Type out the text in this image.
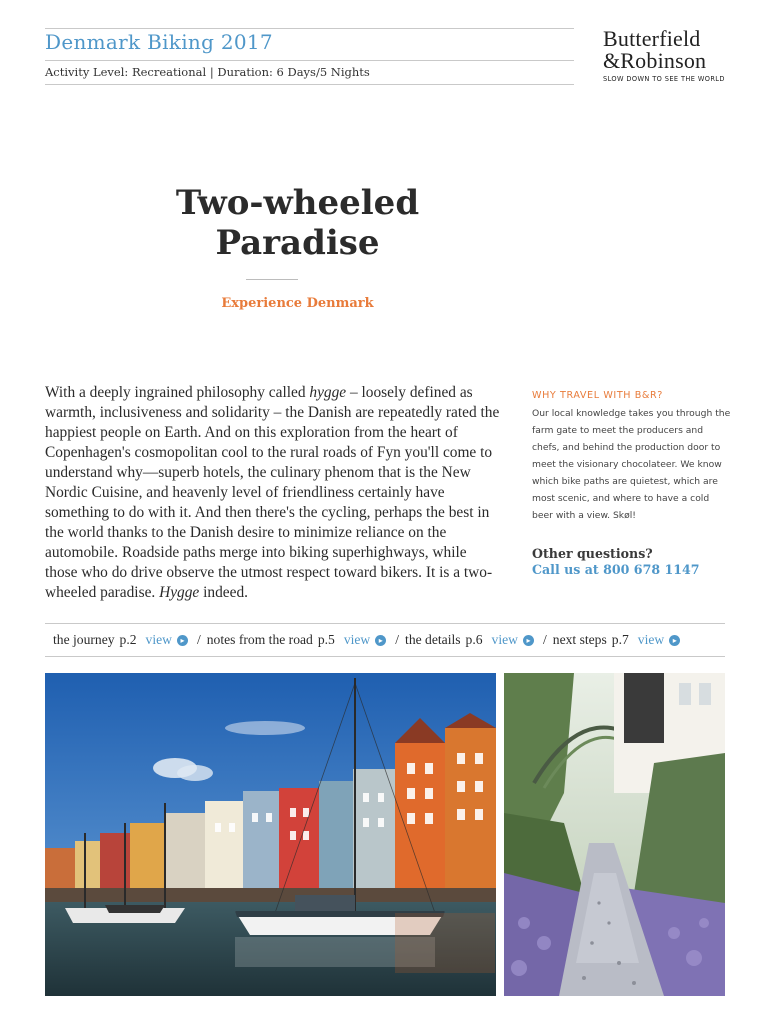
Denmark Biking 2017
Activity Level: Recreational | Duration: 6 Days/5 Nights
Butterfield
&Robinson
SLOW DOWN TO SEE THE WORLD
Two-wheeled
Paradise
Experience Denmark
With a deeply ingrained philosophy called hygge – loosely defined as warmth, inclusiveness and solidarity – the Danish are repeatedly rated the happiest people on Earth. And on this exploration from the heart of Copenhagen's cosmopolitan cool to the rural roads of Fyn you'll come to understand why—superb hotels, the culinary phenom that is the New Nordic Cuisine, and heavenly level of friendliness certainly have something to do with it. And then there's the cycling, perhaps the best in the world thanks to the Danish desire to minimize reliance on the automobile. Roadside paths merge into biking superhighways, while those who do drive observe the utmost respect toward bikers. It is a two-wheeled paradise. Hygge indeed.
WHY TRAVEL WITH B&R?
Our local knowledge takes you through the farm gate to meet the producers and chefs, and behind the production door to meet the visionary chocolateer. We know which bike paths are quietest, which are most scenic, and where to have a cold beer with a view. Skøl!
Other questions?
Call us at 800 678 1147
the journey p.2 view	▸ / notes from the road p.5 view	▸ / the details p.6 view	▸ / next steps p.7 view	▸
